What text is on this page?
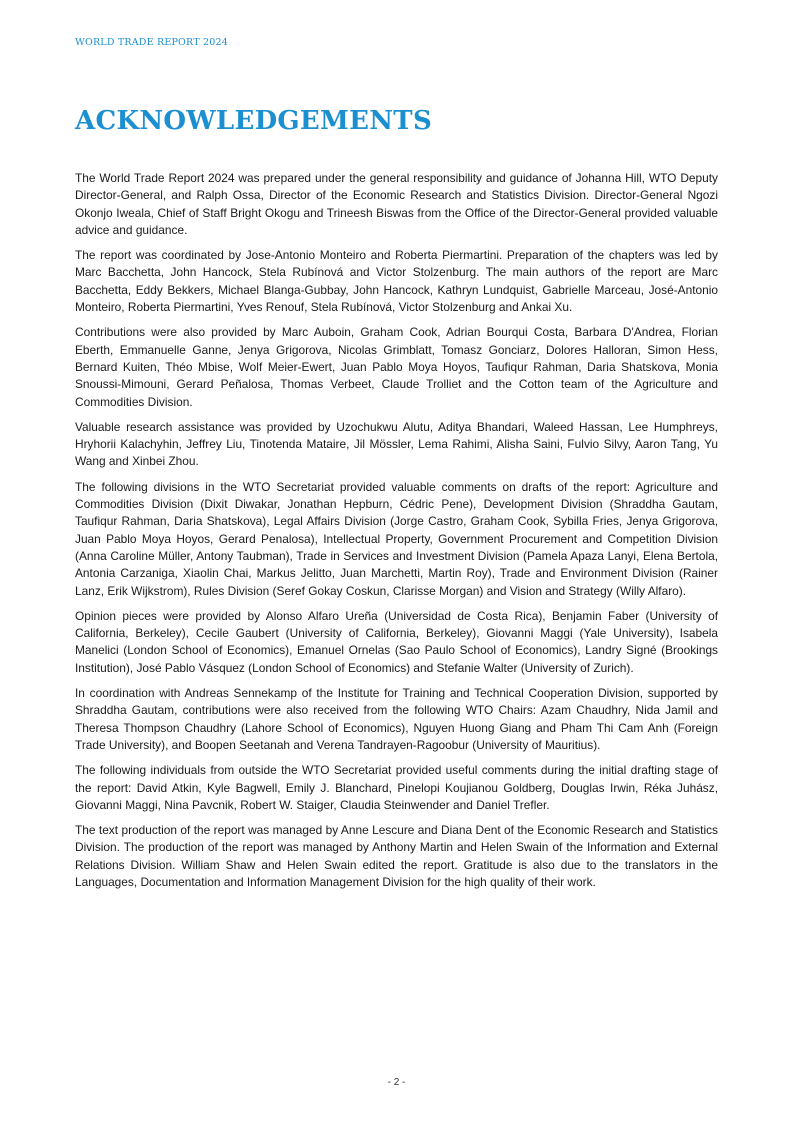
WORLD TRADE REPORT 2024
ACKNOWLEDGEMENTS

The World Trade Report 2024 was prepared under the general responsibility and guidance of Johanna Hill, WTO Deputy Director-General, and Ralph Ossa, Director of the Economic Research and Statistics Division. Director-General Ngozi Okonjo Iweala, Chief of Staff Bright Okogu and Trineesh Biswas from the Office of the Director-General provided valuable advice and guidance.

The report was coordinated by Jose-Antonio Monteiro and Roberta Piermartini. Preparation of the chapters was led by Marc Bacchetta, John Hancock, Stela Rubínová and Victor Stolzenburg. The main authors of the report are Marc Bacchetta, Eddy Bekkers, Michael Blanga-Gubbay, John Hancock, Kathryn Lundquist, Gabrielle Marceau, José-Antonio Monteiro, Roberta Piermartini, Yves Renouf, Stela Rubínová, Victor Stolzenburg and Ankai Xu.

Contributions were also provided by Marc Auboin, Graham Cook, Adrian Bourqui Costa, Barbara D'Andrea, Florian Eberth, Emmanuelle Ganne, Jenya Grigorova, Nicolas Grimblatt, Tomasz Gonciarz, Dolores Halloran, Simon Hess, Bernard Kuiten, Théo Mbise, Wolf Meier-Ewert, Juan Pablo Moya Hoyos, Taufiqur Rahman, Daria Shatskova, Monia Snoussi-Mimouni, Gerard Peñalosa, Thomas Verbeet, Claude Trolliet and the Cotton team of the Agriculture and Commodities Division.

Valuable research assistance was provided by Uzochukwu Alutu, Aditya Bhandari, Waleed Hassan, Lee Humphreys, Hryhorii Kalachyhin, Jeffrey Liu, Tinotenda Mataire, Jil Mössler, Lema Rahimi, Alisha Saini, Fulvio Silvy, Aaron Tang, Yu Wang and Xinbei Zhou.

The following divisions in the WTO Secretariat provided valuable comments on drafts of the report: Agriculture and Commodities Division (Dixit Diwakar, Jonathan Hepburn, Cédric Pene), Development Division (Shraddha Gautam, Taufiqur Rahman, Daria Shatskova), Legal Affairs Division (Jorge Castro, Graham Cook, Sybilla Fries, Jenya Grigorova, Juan Pablo Moya Hoyos, Gerard Penalosa), Intellectual Property, Government Procurement and Competition Division (Anna Caroline Müller, Antony Taubman), Trade in Services and Investment Division (Pamela Apaza Lanyi, Elena Bertola, Antonia Carzaniga, Xiaolin Chai, Markus Jelitto, Juan Marchetti, Martin Roy), Trade and Environment Division (Rainer Lanz, Erik Wijkstrom), Rules Division (Seref Gokay Coskun, Clarisse Morgan) and Vision and Strategy (Willy Alfaro).

Opinion pieces were provided by Alonso Alfaro Ureña (Universidad de Costa Rica), Benjamin Faber (University of California, Berkeley), Cecile Gaubert (University of California, Berkeley), Giovanni Maggi (Yale University), Isabela Manelici (London School of Economics), Emanuel Ornelas (Sao Paulo School of Economics), Landry Signé (Brookings Institution), José Pablo Vásquez (London School of Economics) and Stefanie Walter (University of Zurich).

In coordination with Andreas Sennekamp of the Institute for Training and Technical Cooperation Division, supported by Shraddha Gautam, contributions were also received from the following WTO Chairs: Azam Chaudhry, Nida Jamil and Theresa Thompson Chaudhry (Lahore School of Economics), Nguyen Huong Giang and Pham Thi Cam Anh (Foreign Trade University), and Boopen Seetanah and Verena Tandrayen-Ragoobur (University of Mauritius).

The following individuals from outside the WTO Secretariat provided useful comments during the initial drafting stage of the report: David Atkin, Kyle Bagwell, Emily J. Blanchard, Pinelopi Koujianou Goldberg, Douglas Irwin, Réka Juhász, Giovanni Maggi, Nina Pavcnik, Robert W. Staiger, Claudia Steinwender and Daniel Trefler.

The text production of the report was managed by Anne Lescure and Diana Dent of the Economic Research and Statistics Division. The production of the report was managed by Anthony Martin and Helen Swain of the Information and External Relations Division. William Shaw and Helen Swain edited the report. Gratitude is also due to the translators in the Languages, Documentation and Information Management Division for the high quality of their work.

- 2 -
